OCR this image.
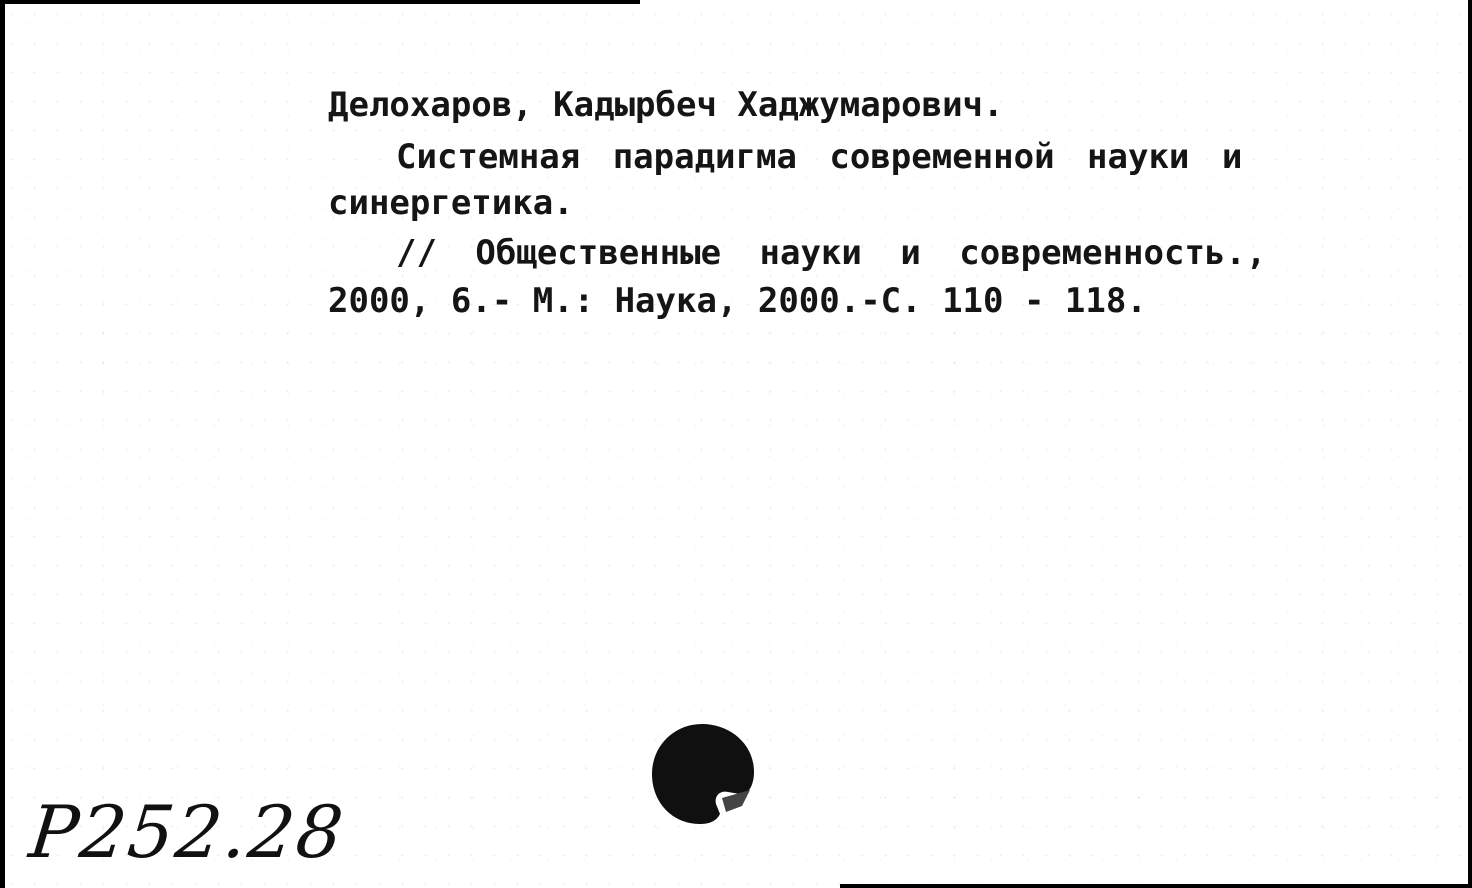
Делохаров, Кадырбеч Хаджумарович.
Системная парадигма современной науки и
синергетика.
// Общественные науки и современность.,
2000, 6.- М.: Наука, 2000.-С. 110 - 118.
Р252.28
